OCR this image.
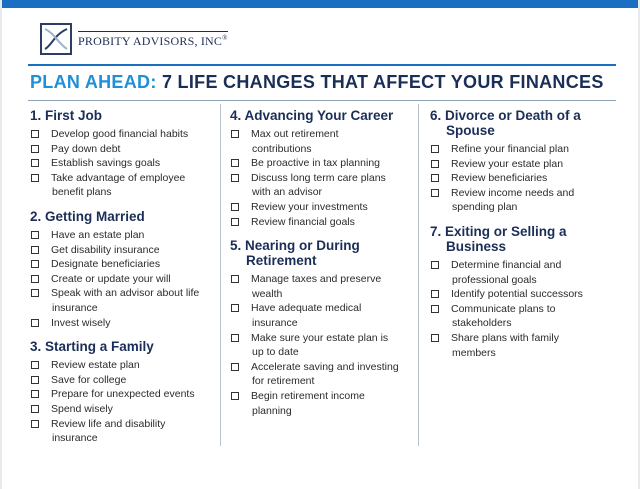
PROBITY ADVISORS, INC®
PLAN AHEAD: 7 LIFE CHANGES THAT AFFECT YOUR FINANCES
1. First Job
Develop good financial habits
Pay down debt
Establish savings goals
Take advantage of employee
benefit plans
2. Getting Married
Have an estate plan
Get disability insurance
Designate beneficiaries
Create or update your will
Speak with an advisor about life
insurance
Invest wisely
3. Starting a Family
Review estate plan
Save for college
Prepare for unexpected events
Spend wisely
Review life and disability
insurance
4. Advancing Your Career
Max out retirement
contributions
Be proactive in tax planning
Discuss long term care plans
with an advisor
Review your investments
Review financial goals
5. Nearing or During
Retirement
Manage taxes and preserve
wealth
Have adequate medical
insurance
Make sure your estate plan is
up to date
Accelerate saving and investing
for retirement
Begin retirement income
planning
6. Divorce or Death of a
Spouse
Refine your financial plan
Review your estate plan
Review beneficiaries
Review income needs and
spending plan
7. Exiting or Selling a
Business
Determine financial and
professional goals
Identify potential successors
Communicate plans to
stakeholders
Share plans with family
members
